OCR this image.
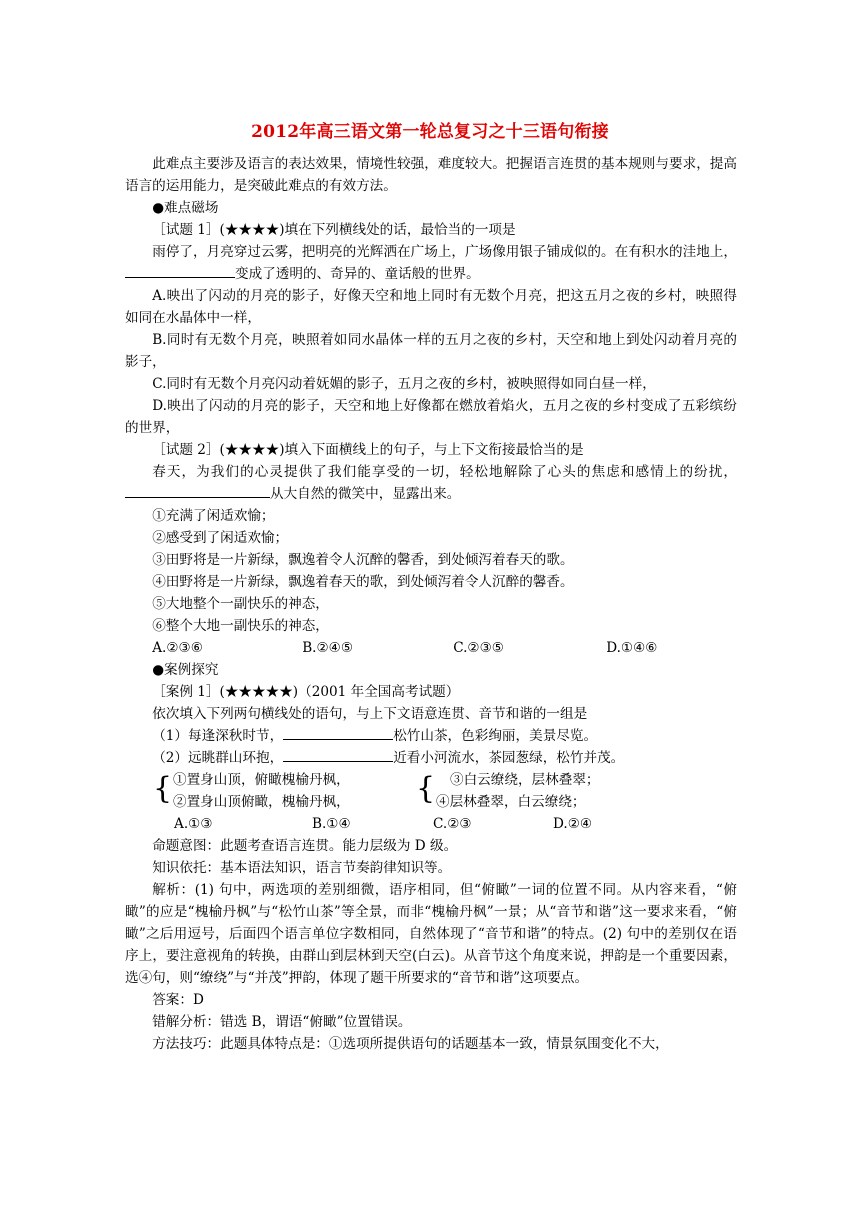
2012年高三语文第一轮总复习之十三语句衔接

此难点主要涉及语言的表达效果，情境性较强，难度较大。把握语言连贯的基本规则与要求，提高语言的运用能力，是突破此难点的有效方法。

●难点磁场

［试题 1］(★★★★)填在下列横线处的话，最恰当的一项是

雨停了，月亮穿过云雾，把明亮的光辉洒在广场上，广场像用银子铺成似的。在有积水的洼地上，变成了透明的、奇异的、童话般的世界。

A.映出了闪动的月亮的影子，好像天空和地上同时有无数个月亮，把这五月之夜的乡村，映照得如同在水晶体中一样，

B.同时有无数个月亮，映照着如同水晶体一样的五月之夜的乡村，天空和地上到处闪动着月亮的影子，

C.同时有无数个月亮闪动着妩媚的影子，五月之夜的乡村，被映照得如同白昼一样，

D.映出了闪动的月亮的影子，天空和地上好像都在燃放着焰火，五月之夜的乡村变成了五彩缤纷的世界，

［试题 2］(★★★★)填入下面横线上的句子，与上下文衔接最恰当的是

春天，为我们的心灵提供了我们能享受的一切，轻松地解除了心头的焦虑和感情上的纷扰，从大自然的微笑中，显露出来。

①充满了闲适欢愉；

②感受到了闲适欢愉；

③田野将是一片新绿，飘逸着令人沉醉的馨香，到处倾泻着春天的歌。

④田野将是一片新绿，飘逸着春天的歌，到处倾泻着令人沉醉的馨香。

⑤大地整个一副快乐的神态，

⑥整个大地一副快乐的神态，

A.②③⑥	B.②④⑤	C.②③⑤	D.①④⑥

●案例探究

［案例 1］(★★★★★)（2001 年全国高考试题）

依次填入下列两句横线处的语句，与上下文语意连贯、音节和谐的一组是

（1）每逢深秋时节，	松竹山茶，色彩绚丽，美景尽览。

（2）远眺群山环抱，	近看小河流水，茶园葱绿，松竹并茂。

{ ①置身山顶，俯瞰槐榆丹枫，
②置身山顶俯瞰，槐榆丹枫， { ③白云缭绕，层林叠翠；
④层林叠翠，白云缭绕；
A.①③	B.①④	C.②③	D.②④

命题意图：此题考查语言连贯。能力层级为 D 级。

知识依托：基本语法知识，语言节奏韵律知识等。

解析：(1) 句中，两选项的差别细微，语序相同，但“俯瞰”一词的位置不同。从内容来看，“俯瞰”的应是“槐榆丹枫”与“松竹山茶”等全景，而非“槐榆丹枫”一景；从“音节和谐”这一要求来看，“俯瞰”之后用逗号，后面四个语言单位字数相同，自然体现了“音节和谐”的特点。(2) 句中的差别仅在语序上，要注意视角的转换，由群山到层林到天空(白云)。从音节这个角度来说，押韵是一个重要因素，选④句，则“缭绕”与“并茂”押韵，体现了题干所要求的“音节和谐”这项要点。

答案：D

错解分析：错选 B，谓语“俯瞰”位置错误。

方法技巧：此题具体特点是：①选项所提供语句的话题基本一致，情景氛围变化不大，
